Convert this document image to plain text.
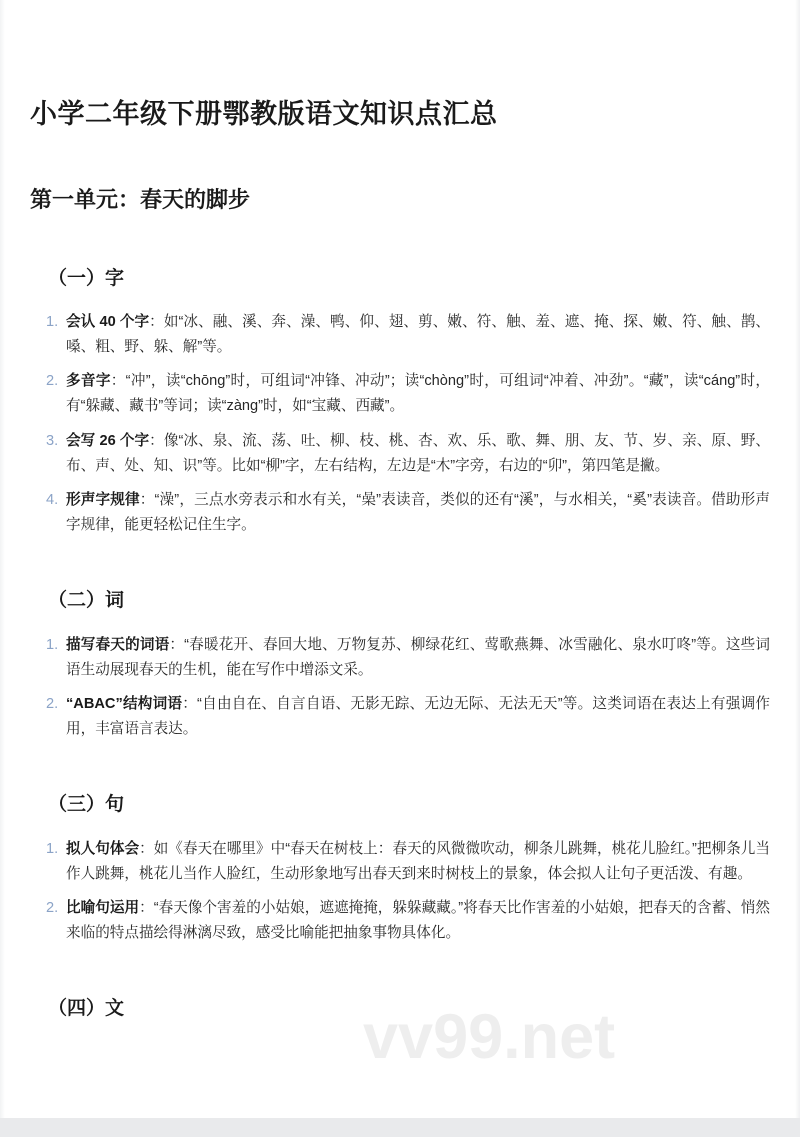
vv99.net
小学二年级下册鄂教版语文知识点汇总
第一单元：春天的脚步
（一）字
会认 40 个字：如“冰、融、溪、奔、澡、鸭、仰、翅、剪、嫩、符、触、羞、遮、掩、探、嫩、符、触、鹊、嗓、粗、野、躲、解”等。
多音字：“冲”，读“chōng”时，可组词“冲锋、冲动”；读“chòng”时，可组词“冲着、冲劲”。“藏”，读“cáng”时，有“躲藏、藏书”等词；读“zàng”时，如“宝藏、西藏”。
会写 26 个字：像“冰、泉、流、荡、吐、柳、枝、桃、杏、欢、乐、歌、舞、朋、友、节、岁、亲、原、野、布、声、处、知、识”等。比如“柳”字，左右结构，左边是“木”字旁，右边的“卯”，第四笔是撇。
形声字规律：“澡”，三点水旁表示和水有关，“喿”表读音，类似的还有“溪”，与水相关，“奚”表读音。借助形声字规律，能更轻松记住生字。
（二）词
描写春天的词语：“春暖花开、春回大地、万物复苏、柳绿花红、莺歌燕舞、冰雪融化、泉水叮咚”等。这些词语生动展现春天的生机，能在写作中增添文采。
“ABAC”结构词语：“自由自在、自言自语、无影无踪、无边无际、无法无天”等。这类词语在表达上有强调作用，丰富语言表达。
（三）句
拟人句体会：如《春天在哪里》中“春天在树枝上：春天的风微微吹动，柳条儿跳舞，桃花儿脸红。”把柳条儿当作人跳舞，桃花儿当作人脸红，生动形象地写出春天到来时树枝上的景象，体会拟人让句子更活泼、有趣。
比喻句运用：“春天像个害羞的小姑娘，遮遮掩掩，躲躲藏藏。”将春天比作害羞的小姑娘，把春天的含蓄、悄然来临的特点描绘得淋漓尽致，感受比喻能把抽象事物具体化。
（四）文
